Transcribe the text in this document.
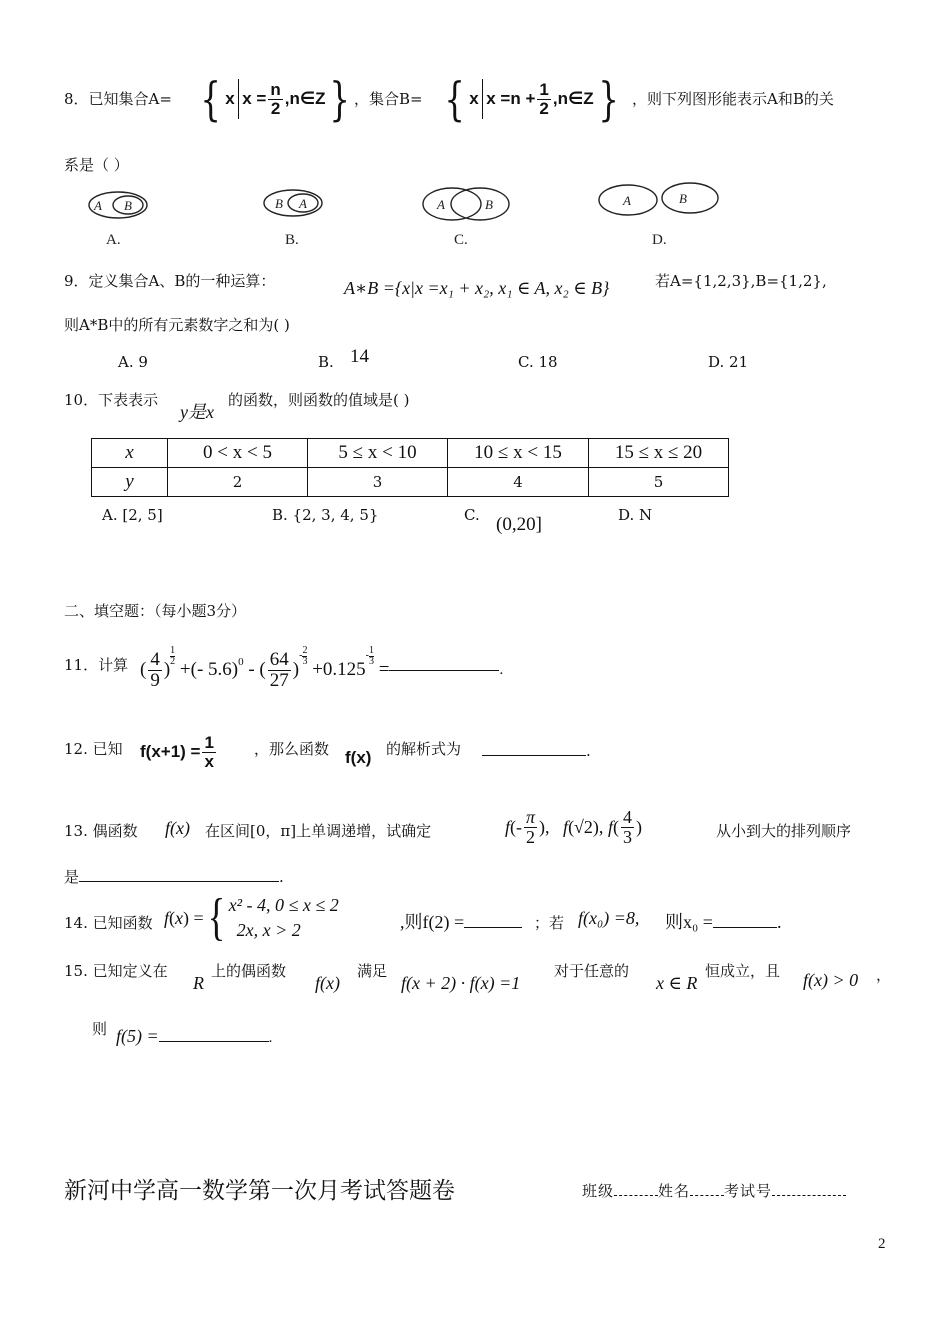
8．已知集合A= { x $x = \frac{n}{2}$ ,n∈Z } ，集合B= { x $x =n + \frac{1}{2}$ ,n∈Z } ，则下列图形能表示A和B的关
系是（ ）
A B	B A	A	B	A	B
A.	B.	C.	D.
9．定义集合A、B的一种运算：	A∗B ={x|x =x₁ + x₂, x₁ ∈ A, x₂ ∈ B}	若A={1,2,3},B={1,2},
则A*B中的所有元素数字之和为( )
A. 9	B. 14	C. 18	D. 21
10．下表表示
y是x
的函数，则函数的值域是( )
x	0 < x < 5	5 ≤ x < 10	10 ≤ x < 15	15 ≤ x ≤ 20
y	2	3	4	5
A. [2, 5]	B. {2, 3, 4, 5}	C. (0,20]	D. N
二、填空题：（每小题3分）
11．计算 ( $\frac{4}{9}$ )
1
2 +(- 5.6) 0 - ( $\frac{64}{27}$ )
- 2
3 +0.125
- $\frac{1}{3}$
=	.
12. 已知 $f(x+1) = \frac{1}{x}$	，那么函数 f(x) 的解析式为	.
13. 偶函数 f(x) 在区间[0，π]上单调递增，试确定	f (- $\frac{\pi}{2}$ ), f (√2), f ( $\frac{4}{3}$ )	从小到大的排列顺序
是	.
14. 已知函数 f ( x ) = { x² - 4, 0 ≤ x ≤ 2
2x, x > 2	,则f(2) =	；若 f(x₀) =8, 则x₀ =	.
15. 已知定义在
R
上的偶函数
f(x)
满足
f(x + 2) · f(x) =1
对于任意的
x ∈ R
恒成立，且 f(x) > 0 ，
则 f(5) =	.
新河中学高一数学第一次月考试答题卷	班级	姓名 考试号
2
